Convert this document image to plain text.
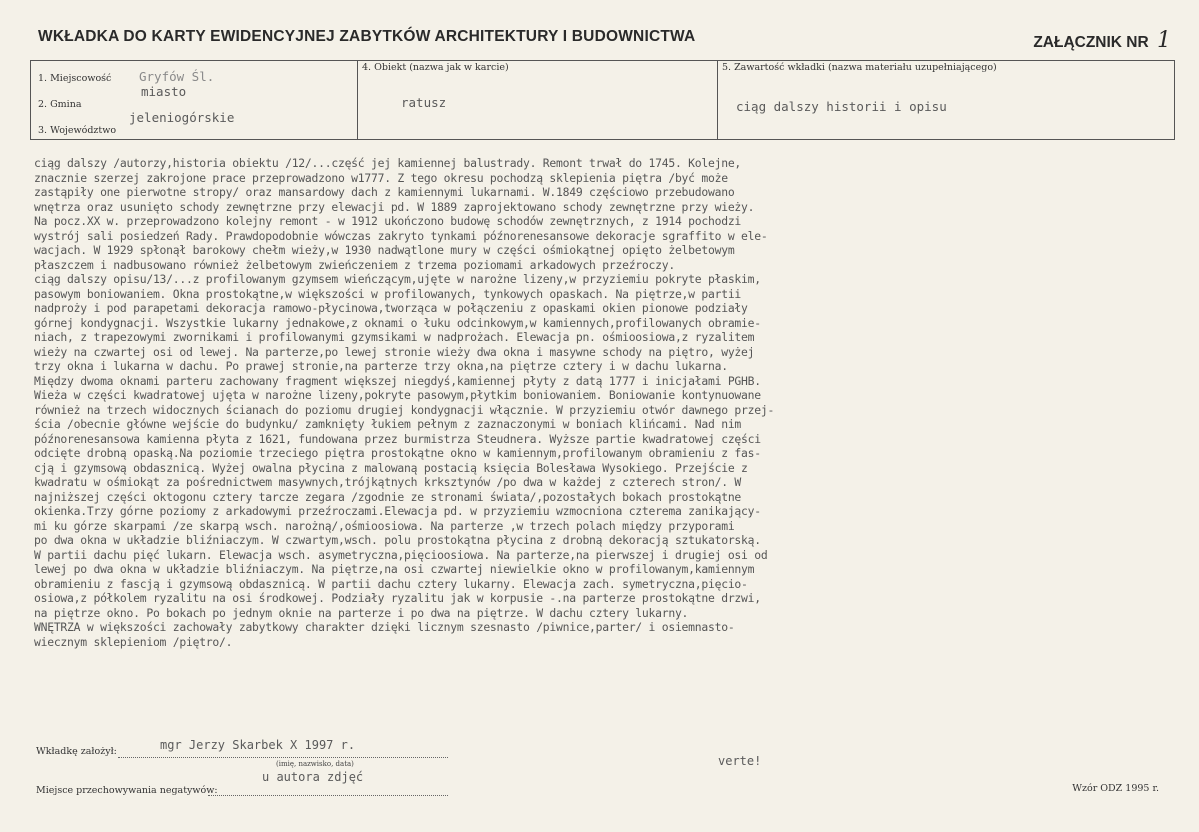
WKŁADKA DO KARTY EWIDENCYJNEJ ZABYTKÓW ARCHITEKTURY I BUDOWNICTWA	ZAŁĄCZNIK NR 1
1. Miejscowość Gryfów Śl.
2. Gmina
miasto
3. Województwo
jeleniogórskie
4. Obiekt (nazwa jak w karcie)
ratusz
5. Zawartość wkładki (nazwa materiału uzupełniającego)
ciąg dalszy historii i opisu
ciąg dalszy /autorzy,historia obiektu /12/...część jej kamiennej balustrady. Remont trwał do 1745. Kolejne,
znacznie szerzej zakrojone prace przeprowadzono w1777. Z tego okresu pochodzą sklepienia piętra /być może
zastąpiły one pierwotne stropy/ oraz mansardowy dach z kamiennymi lukarnami. W.1849 częściowo przebudowano
wnętrza oraz usunięto schody zewnętrzne przy elewacji pd. W 1889 zaprojektowano schody zewnętrzne przy wieży.
Na pocz.XX w. przeprowadzono kolejny remont - w 1912 ukończono budowę schodów zewnętrznych, z 1914 pochodzi
wystrój sali posiedzeń Rady. Prawdopodobnie wówczas zakryto tynkami późnorenesansowe dekoracje sgraffito w ele-
wacjach. W 1929 spłonął barokowy chełm wieży,w 1930 nadwątlone mury w części ośmiokątnej opięto żelbetowym
płaszczem i nadbusowano również żelbetowym zwieńczeniem z trzema poziomami arkadowych przeźroczy.
ciąg dalszy opisu/13/...z profilowanym gzymsem wieńczącym,ujęte w narożne lizeny,w przyziemiu pokryte płaskim,
pasowym boniowaniem. Okna prostokątne,w większości w profilowanych, tynkowych opaskach. Na piętrze,w partii
nadproży i pod parapetami dekoracja ramowo-płycinowa,tworząca w połączeniu z opaskami okien pionowe podziały
górnej kondygnacji. Wszystkie lukarny jednakowe,z oknami o łuku odcinkowym,w kamiennych,profilowanych obramie-
niach, z trapezowymi zwornikami i profilowanymi gzymsikami w nadprożach. Elewacja pn. ośmioosiowa,z ryzalitem
wieży na czwartej osi od lewej. Na parterze,po lewej stronie wieży dwa okna i masywne schody na piętro, wyżej
trzy okna i lukarna w dachu. Po prawej stronie,na parterze trzy okna,na piętrze cztery i w dachu lukarna.
Między dwoma oknami parteru zachowany fragment większej niegdyś,kamiennej płyty z datą 1777 i inicjałami PGHB.
Wieża w części kwadratowej ujęta w narożne lizeny,pokryte pasowym,płytkim boniowaniem. Boniowanie kontynuowane
również na trzech widocznych ścianach do poziomu drugiej kondygnacji włącznie. W przyziemiu otwór dawnego przej-
ścia /obecnie główne wejście do budynku/ zamknięty łukiem pełnym z zaznaczonymi w boniach klińcami. Nad nim
późnorenesansowa kamienna płyta z 1621, fundowana przez burmistrza Steudnera. Wyższe partie kwadratowej części
odcięte drobną opaską.Na poziomie trzeciego piętra prostokątne okno w kamiennym,profilowanym obramieniu z fas-
cją i gzymsową obdasznicą. Wyżej owalna płycina z malowaną postacią księcia Bolesława Wysokiego. Przejście z
kwadratu w ośmiokąt za pośrednictwem masywnych,trójkątnych krksztynów /po dwa w każdej z czterech stron/. W
najniższej części oktogonu cztery tarcze zegara /zgodnie ze stronami świata/,pozostałych bokach prostokątne
okienka.Trzy górne poziomy z arkadowymi przeźroczami.Elewacja pd. w przyziemiu wzmocniona czterema zanikający-
mi ku górze skarpami /ze skarpą wsch. narożną/,ośmioosiowa. Na parterze ,w trzech polach między przyporami
po dwa okna w układzie bliźniaczym. W czwartym,wsch. polu prostokątna płycina z drobną dekoracją sztukatorską.
W partii dachu pięć lukarn. Elewacja wsch. asymetryczna,pięcioosiowa. Na parterze,na pierwszej i drugiej osi od
lewej po dwa okna w układzie bliźniaczym. Na piętrze,na osi czwartej niewielkie okno w profilowanym,kamiennym
obramieniu z fascją i gzymsową obdasznicą. W partii dachu cztery lukarny. Elewacja zach. symetryczna,pięcio-
osiowa,z półkolem ryzalitu na osi środkowej. Podziały ryzalitu jak w korpusie -.na parterze prostokątne drzwi,
na piętrze okno. Po bokach po jednym oknie na parterze i po dwa na piętrze. W dachu cztery lukarny.
WNĘTRZA w większości zachowały zabytkowy charakter dzięki licznym szesnasto /piwnice,parter/ i osiemnasto-
wiecznym sklepieniom /piętro/.
Wkładkę założył:	mgr Jerzy Skarbek X 1997 r.
(imię, nazwisko, data)	verte!
Miejsce przechowywania negatywów:
u autora zdjęć
Wzór ODZ 1995 r.
